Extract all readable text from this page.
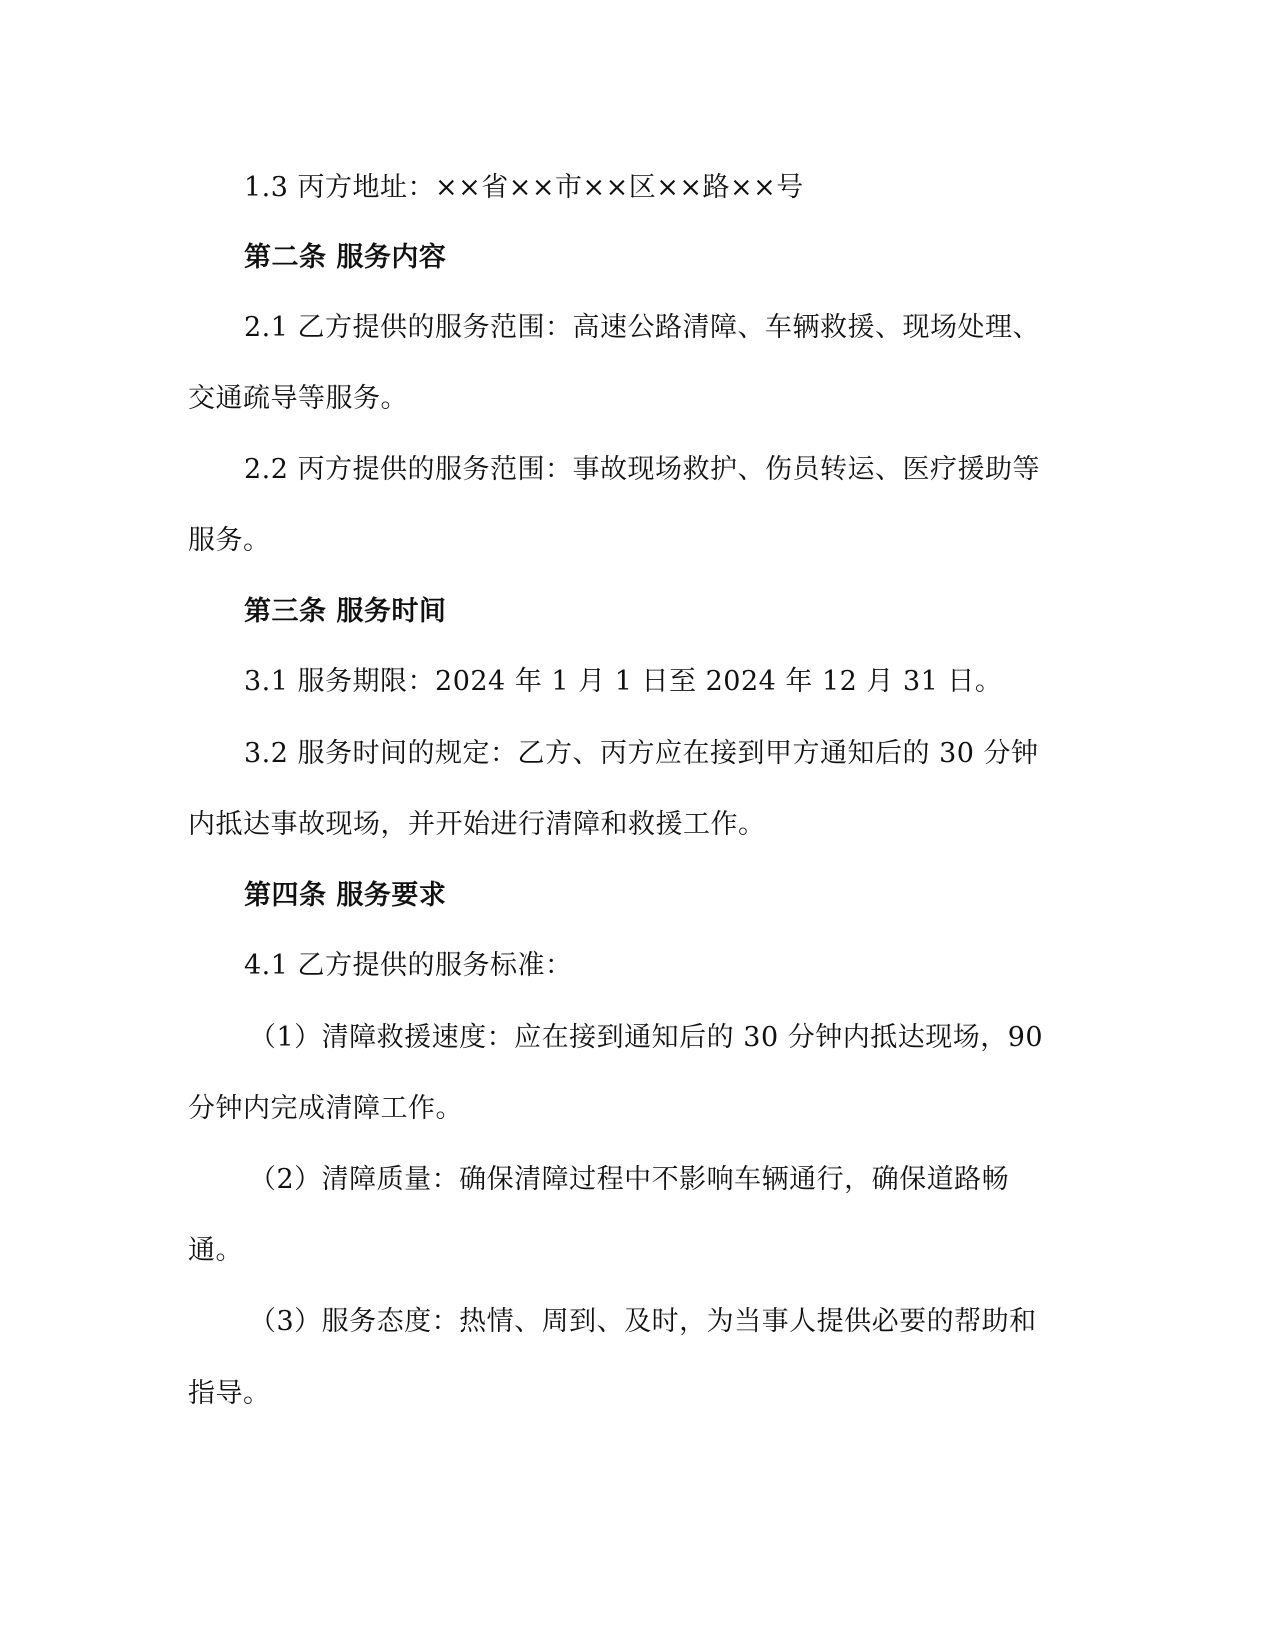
1.3 丙方地址：××省××市××区××路××号
第二条 服务内容
2.1 乙方提供的服务范围：高速公路清障、车辆救援、现场处理、
交通疏导等服务。
2.2 丙方提供的服务范围：事故现场救护、伤员转运、医疗援助等
服务。
第三条 服务时间
3.1 服务期限：2024 年 1 月 1 日至 2024 年 12 月 31 日。
3.2 服务时间的规定：乙方、丙方应在接到甲方通知后的 30 分钟
内抵达事故现场，并开始进行清障和救援工作。
第四条 服务要求
4.1 乙方提供的服务标准：
（1）清障救援速度：应在接到通知后的 30 分钟内抵达现场，90
分钟内完成清障工作。
（2）清障质量：确保清障过程中不影响车辆通行，确保道路畅
通。
（3）服务态度：热情、周到、及时，为当事人提供必要的帮助和
指导。
